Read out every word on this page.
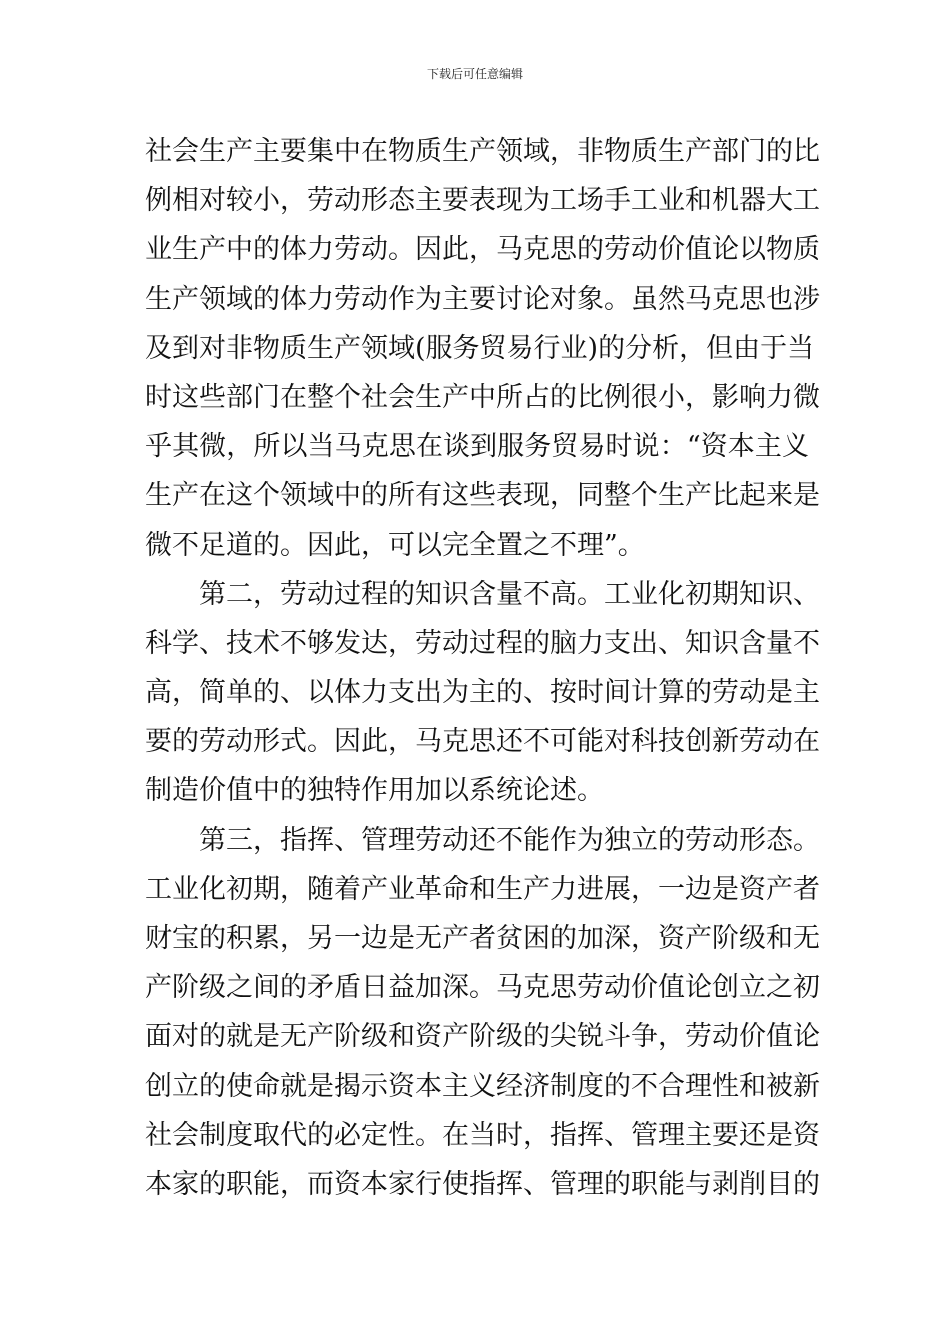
下载后可任意编辑
社会生产主要集中在物质生产领域，非物质生产部门的比
例相对较小，劳动形态主要表现为工场手工业和机器大工
业生产中的体力劳动。因此，马克思的劳动价值论以物质
生产领域的体力劳动作为主要讨论对象。虽然马克思也涉
及到对非物质生产领域(服务贸易行业)的分析，但由于当
时这些部门在整个社会生产中所占的比例很小，影响力微
乎其微，所以当马克思在谈到服务贸易时说：“资本主义
生产在这个领域中的所有这些表现，同整个生产比起来是
微不足道的。因此，可以完全置之不理”。
第二，劳动过程的知识含量不高。工业化初期知识、
科学、技术不够发达，劳动过程的脑力支出、知识含量不
高，简单的、以体力支出为主的、按时间计算的劳动是主
要的劳动形式。因此，马克思还不可能对科技创新劳动在
制造价值中的独特作用加以系统论述。
第三，指挥、管理劳动还不能作为独立的劳动形态。
工业化初期，随着产业革命和生产力进展，一边是资产者
财宝的积累，另一边是无产者贫困的加深，资产阶级和无
产阶级之间的矛盾日益加深。马克思劳动价值论创立之初
面对的就是无产阶级和资产阶级的尖锐斗争，劳动价值论
创立的使命就是揭示资本主义经济制度的不合理性和被新
社会制度取代的必定性。在当时，指挥、管理主要还是资
本家的职能，而资本家行使指挥、管理的职能与剥削目的
